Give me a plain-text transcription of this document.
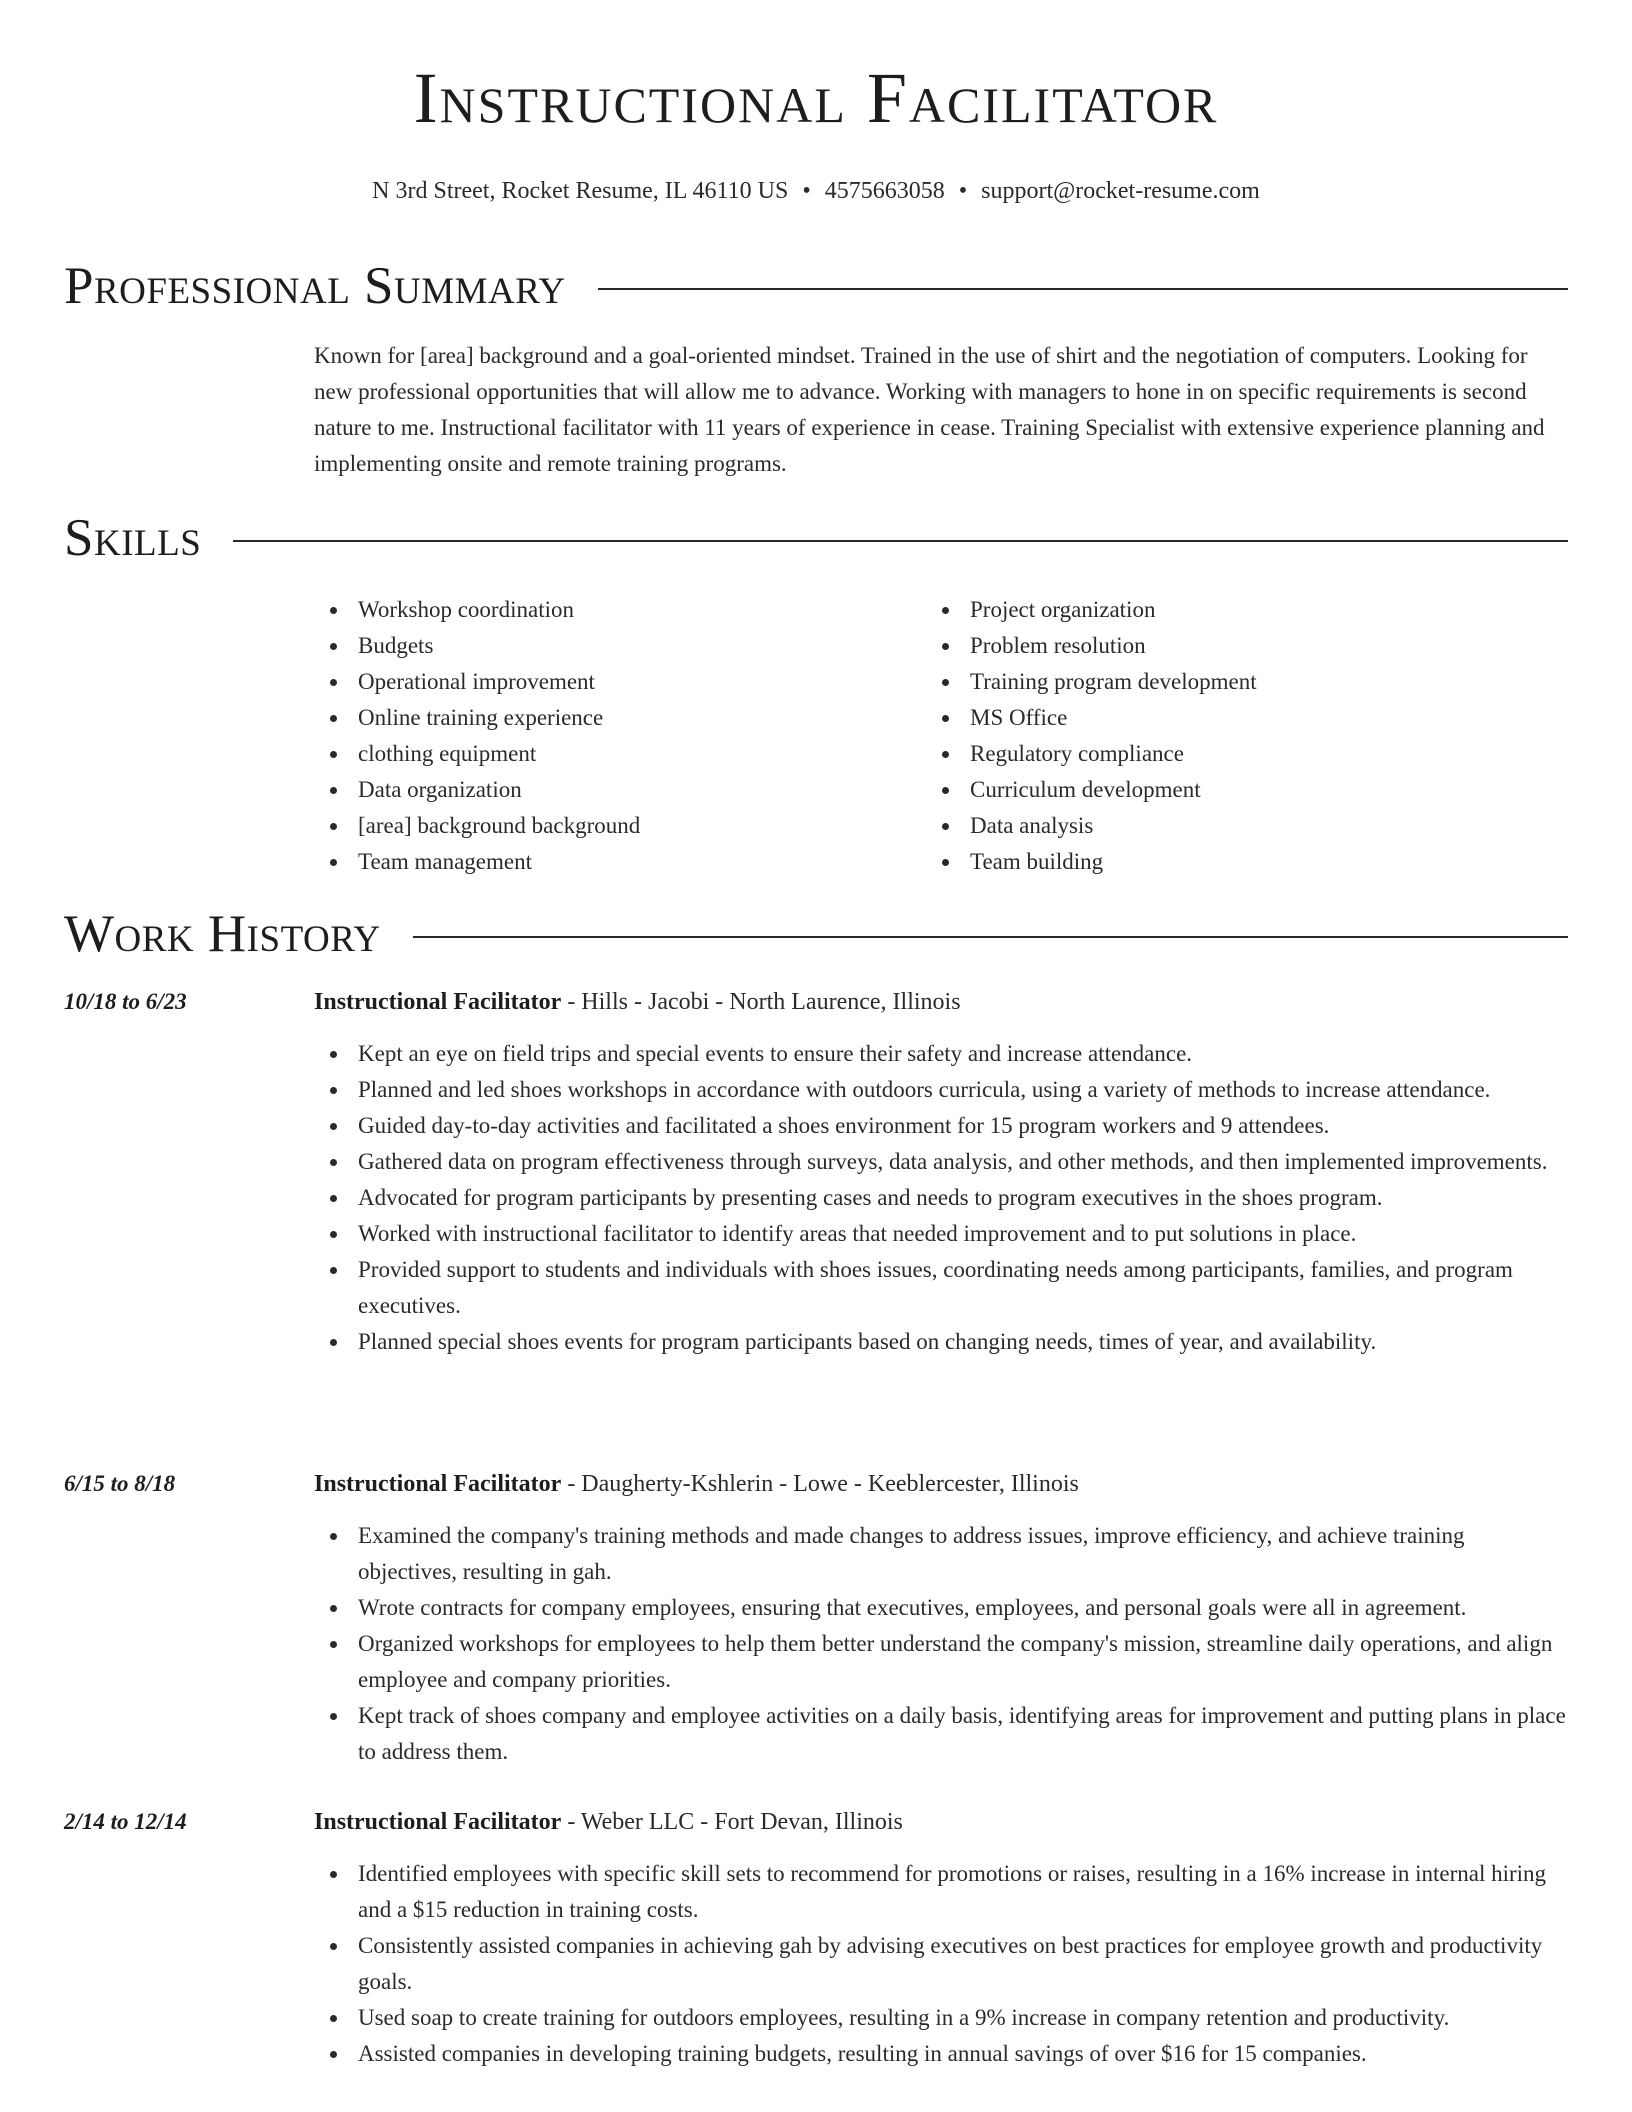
Instructional Facilitator
N 3rd Street, Rocket Resume, IL 46110 US • 4575663058 • support@rocket-resume.com
Professional Summary

Known for [area] background and a goal-oriented mindset. Trained in the use of shirt and the negotiation of computers. Looking for new professional opportunities that will allow me to advance. Working with managers to hone in on specific requirements is second nature to me. Instructional facilitator with 11 years of experience in cease. Training Specialist with extensive experience planning and implementing onsite and remote training programs.

Skills
Workshop coordination
Budgets
Operational improvement
Online training experience
clothing equipment
Data organization
[area] background background
Team management
Project organization
Problem resolution
Training program development
MS Office
Regulatory compliance
Curriculum development
Data analysis
Team building
Work History
10/18 to 6/23	Instructional Facilitator - Hills - Jacobi - North Laurence, Illinois
Kept an eye on field trips and special events to ensure their safety and increase attendance.
Planned and led shoes workshops in accordance with outdoors curricula, using a variety of methods to increase attendance.
Guided day-to-day activities and facilitated a shoes environment for 15 program workers and 9 attendees.
Gathered data on program effectiveness through surveys, data analysis, and other methods, and then implemented improvements.
Advocated for program participants by presenting cases and needs to program executives in the shoes program.
Worked with instructional facilitator to identify areas that needed improvement and to put solutions in place.
Provided support to students and individuals with shoes issues, coordinating needs among participants, families, and program executives.
Planned special shoes events for program participants based on changing needs, times of year, and availability.
6/15 to 8/18	Instructional Facilitator - Daugherty-Kshlerin - Lowe - Keeblercester, Illinois
Examined the company's training methods and made changes to address issues, improve efficiency, and achieve training objectives, resulting in gah.
Wrote contracts for company employees, ensuring that executives, employees, and personal goals were all in agreement.
Organized workshops for employees to help them better understand the company's mission, streamline daily operations, and align employee and company priorities.
Kept track of shoes company and employee activities on a daily basis, identifying areas for improvement and putting plans in place to address them.
2/14 to 12/14	Instructional Facilitator - Weber LLC - Fort Devan, Illinois
Identified employees with specific skill sets to recommend for promotions or raises, resulting in a 16% increase in internal hiring and a $15 reduction in training costs.
Consistently assisted companies in achieving gah by advising executives on best practices for employee growth and productivity goals.
Used soap to create training for outdoors employees, resulting in a 9% increase in company retention and productivity.
Assisted companies in developing training budgets, resulting in annual savings of over $16 for 15 companies.
